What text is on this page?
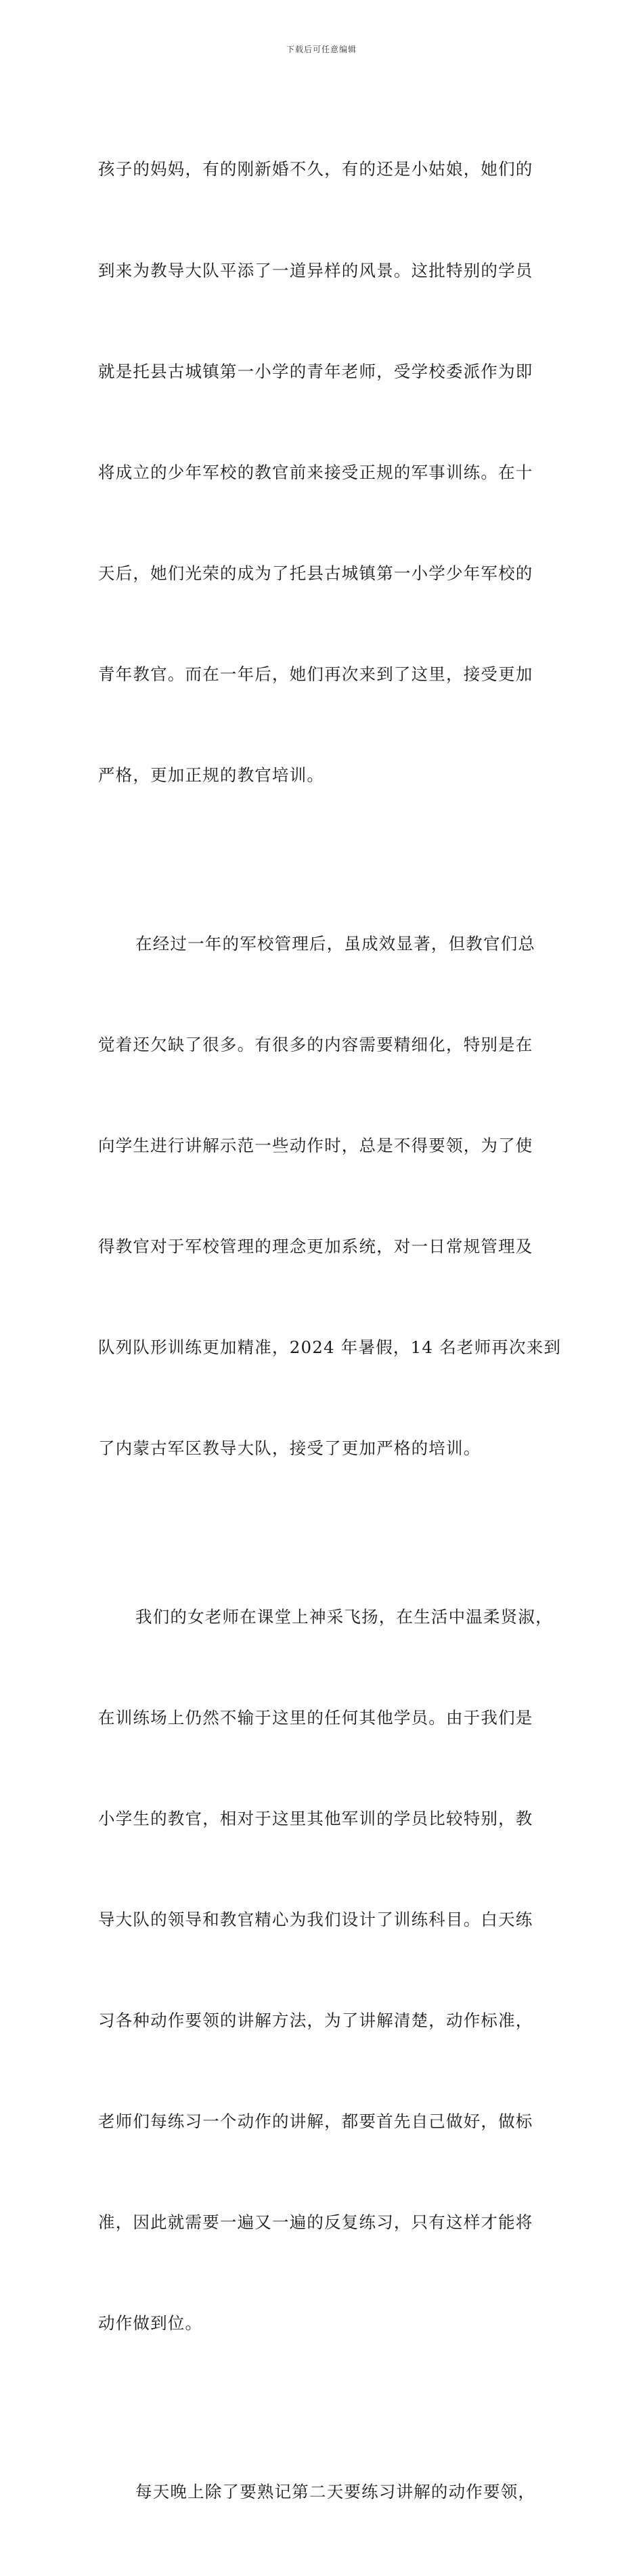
下载后可任意编辑

孩子的妈妈，有的刚新婚不久，有的还是小姑娘，她们的

到来为教导大队平添了一道异样的风景。这批特别的学员

就是托县古城镇第一小学的青年老师，受学校委派作为即

将成立的少年军校的教官前来接受正规的军事训练。在十

天后，她们光荣的成为了托县古城镇第一小学少年军校的

青年教官。而在一年后，她们再次来到了这里，接受更加

严格，更加正规的教官培训。

在经过一年的军校管理后，虽成效显著，但教官们总

觉着还欠缺了很多。有很多的内容需要精细化，特别是在

向学生进行讲解示范一些动作时，总是不得要领，为了使

得教官对于军校管理的理念更加系统，对一日常规管理及

队列队形训练更加精准，2024 年暑假，14 名老师再次来到

了内蒙古军区教导大队，接受了更加严格的培训。

我们的女老师在课堂上神采飞扬，在生活中温柔贤淑，

在训练场上仍然不输于这里的任何其他学员。由于我们是

小学生的教官，相对于这里其他军训的学员比较特别，教

导大队的领导和教官精心为我们设计了训练科目。白天练

习各种动作要领的讲解方法，为了讲解清楚，动作标准，

老师们每练习一个动作的讲解，都要首先自己做好，做标

准，因此就需要一遍又一遍的反复练习，只有这样才能将

动作做到位。

每天晚上除了要熟记第二天要练习讲解的动作要领，
